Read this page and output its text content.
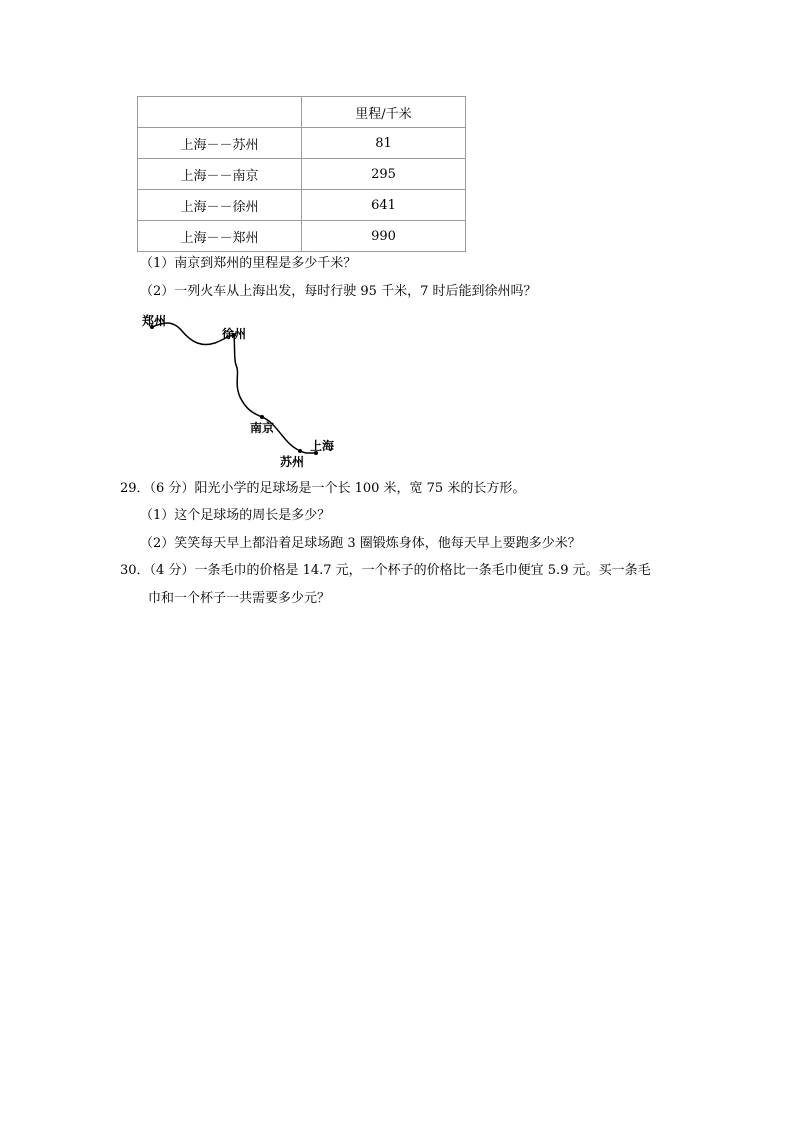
	里程/千米
上海－－苏州	81
上海－－南京	295
上海－－徐州	641
上海－－郑州	990
（1）南京到郑州的里程是多少千米？
（2）一列火车从上海出发，每时行驶 95 千米，7 时后能到徐州吗？
郑州
徐州
南京
上海
苏州
29．（6 分）阳光小学的足球场是一个长 100 米，宽 75 米的长方形。
（1）这个足球场的周长是多少？
（2）笑笑每天早上都沿着足球场跑 3 圈锻炼身体，他每天早上要跑多少米？
30．（4 分）一条毛巾的价格是 14.7 元，一个杯子的价格比一条毛巾便宜 5.9 元。买一条毛
巾和一个杯子一共需要多少元？
